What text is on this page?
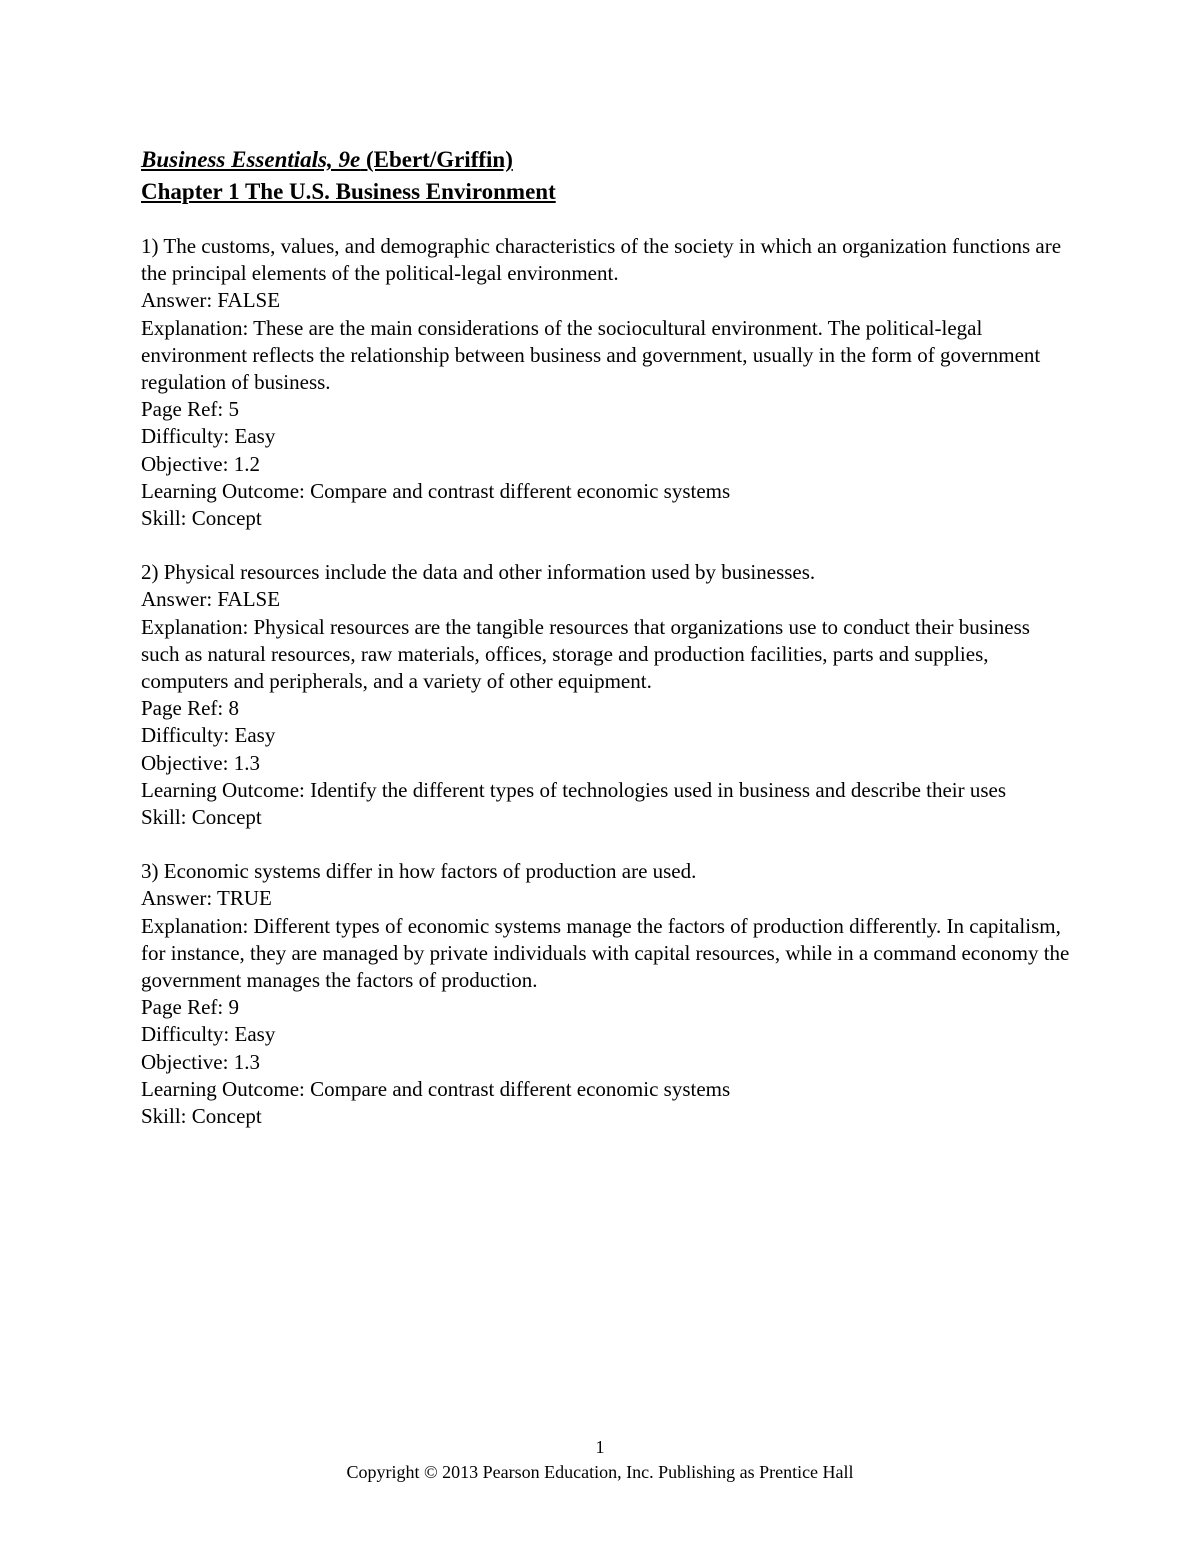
Business Essentials, 9e (Ebert/Griffin)
Chapter 1 The U.S. Business Environment
1) The customs, values, and demographic characteristics of the society in which an organization functions are the principal elements of the political-legal environment.
Answer: FALSE
Explanation: These are the main considerations of the sociocultural environment. The political-legal environment reflects the relationship between business and government, usually in the form of government regulation of business.
Page Ref: 5
Difficulty: Easy
Objective: 1.2
Learning Outcome: Compare and contrast different economic systems
Skill: Concept
2) Physical resources include the data and other information used by businesses.
Answer: FALSE
Explanation: Physical resources are the tangible resources that organizations use to conduct their business such as natural resources, raw materials, offices, storage and production facilities, parts and supplies, computers and peripherals, and a variety of other equipment.
Page Ref: 8
Difficulty: Easy
Objective: 1.3
Learning Outcome: Identify the different types of technologies used in business and describe their uses
Skill: Concept
3) Economic systems differ in how factors of production are used.
Answer: TRUE
Explanation: Different types of economic systems manage the factors of production differently. In capitalism, for instance, they are managed by private individuals with capital resources, while in a command economy the government manages the factors of production.
Page Ref: 9
Difficulty: Easy
Objective: 1.3
Learning Outcome: Compare and contrast different economic systems
Skill: Concept
1
Copyright © 2013 Pearson Education, Inc. Publishing as Prentice Hall
